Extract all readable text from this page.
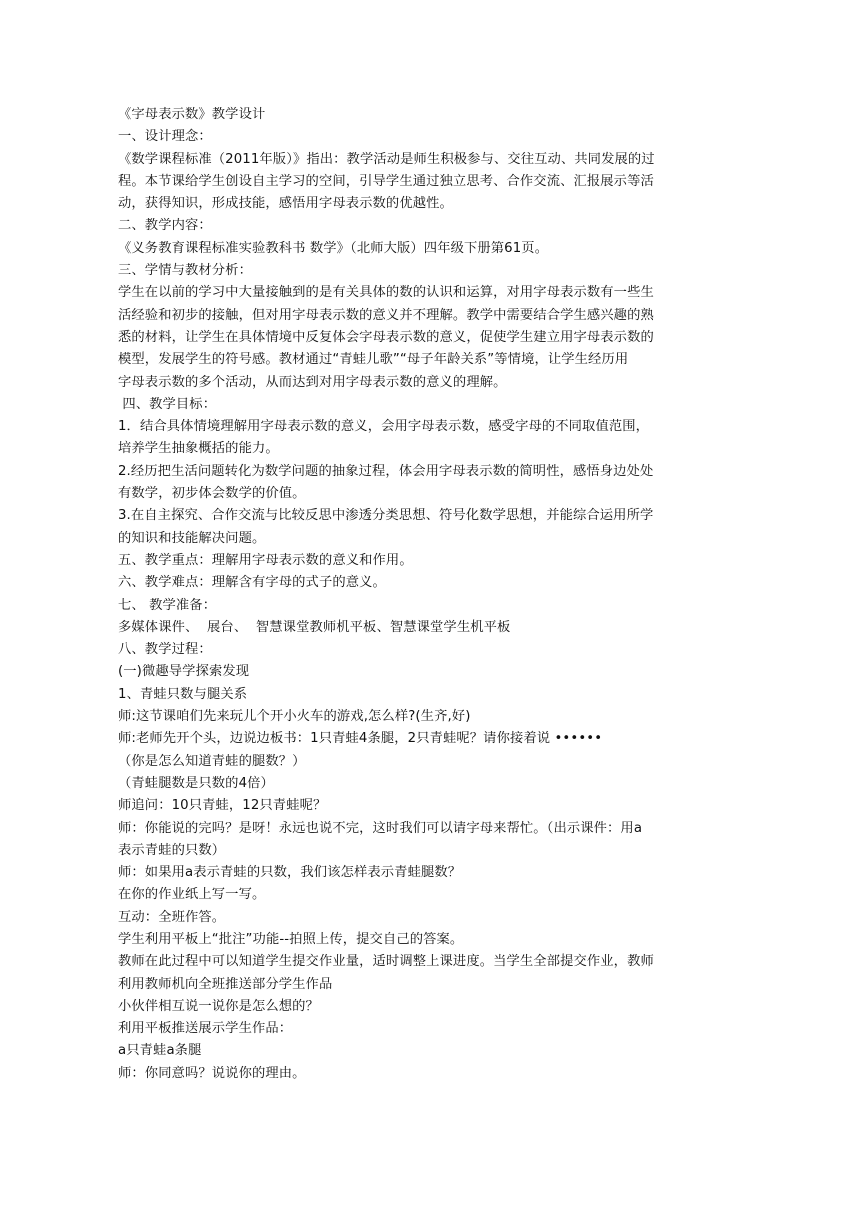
《字母表示数》教学设计
一、设计理念：
《数学课程标准（2011年版）》指出：教学活动是师生积极参与、交往互动、共同发展的过
程。本节课给学生创设自主学习的空间，引导学生通过独立思考、合作交流、汇报展示等活
动，获得知识，形成技能，感悟用字母表示数的优越性。
二、教学内容：
《义务教育课程标准实验教科书 数学》（北师大版）四年级下册第61页。
三、学情与教材分析：
学生在以前的学习中大量接触到的是有关具体的数的认识和运算，对用字母表示数有一些生
活经验和初步的接触，但对用字母表示数的意义并不理解。教学中需要结合学生感兴趣的熟
悉的材料，让学生在具体情境中反复体会字母表示数的意义，促使学生建立用字母表示数的
模型，发展学生的符号感。教材通过“青蛙儿歌”“母子年龄关系”等情境，让学生经历用
字母表示数的多个活动，从而达到对用字母表示数的意义的理解。
四、教学目标：
1．结合具体情境理解用字母表示数的意义，会用字母表示数，感受字母的不同取值范围，
培养学生抽象概括的能力。
2.经历把生活问题转化为数学问题的抽象过程，体会用字母表示数的简明性，感悟身边处处
有数学，初步体会数学的价值。
3.在自主探究、合作交流与比较反思中渗透分类思想、符号化数学思想，并能综合运用所学
的知识和技能解决问题。
五、教学重点：理解用字母表示数的意义和作用。
六、教学难点：理解含有字母的式子的意义。
七、 教学准备：
多媒体课件、  展台、  智慧课堂教师机平板、智慧课堂学生机平板
八、教学过程：
(一)微趣导学探索发现
1、青蛙只数与腿关系
师:这节课咱们先来玩儿个开小火车的游戏,怎么样?(生齐,好)
师:老师先开个头，边说边板书：1只青蛙4条腿，2只青蛙呢？请你接着说 ••••••
（你是怎么知道青蛙的腿数？）
（青蛙腿数是只数的4倍）
师追问：10只青蛙，12只青蛙呢？
师：你能说的完吗？是呀！永远也说不完，这时我们可以请字母来帮忙。（出示课件：用a
表示青蛙的只数）
师：如果用a表示青蛙的只数，我们该怎样表示青蛙腿数？
在你的作业纸上写一写。
互动：全班作答。
学生利用平板上“批注”功能--拍照上传，提交自己的答案。
教师在此过程中可以知道学生提交作业量，适时调整上课进度。当学生全部提交作业，教师
利用教师机向全班推送部分学生作品
小伙伴相互说一说你是怎么想的？
利用平板推送展示学生作品：
a只青蛙a条腿
师：你同意吗？说说你的理由。
